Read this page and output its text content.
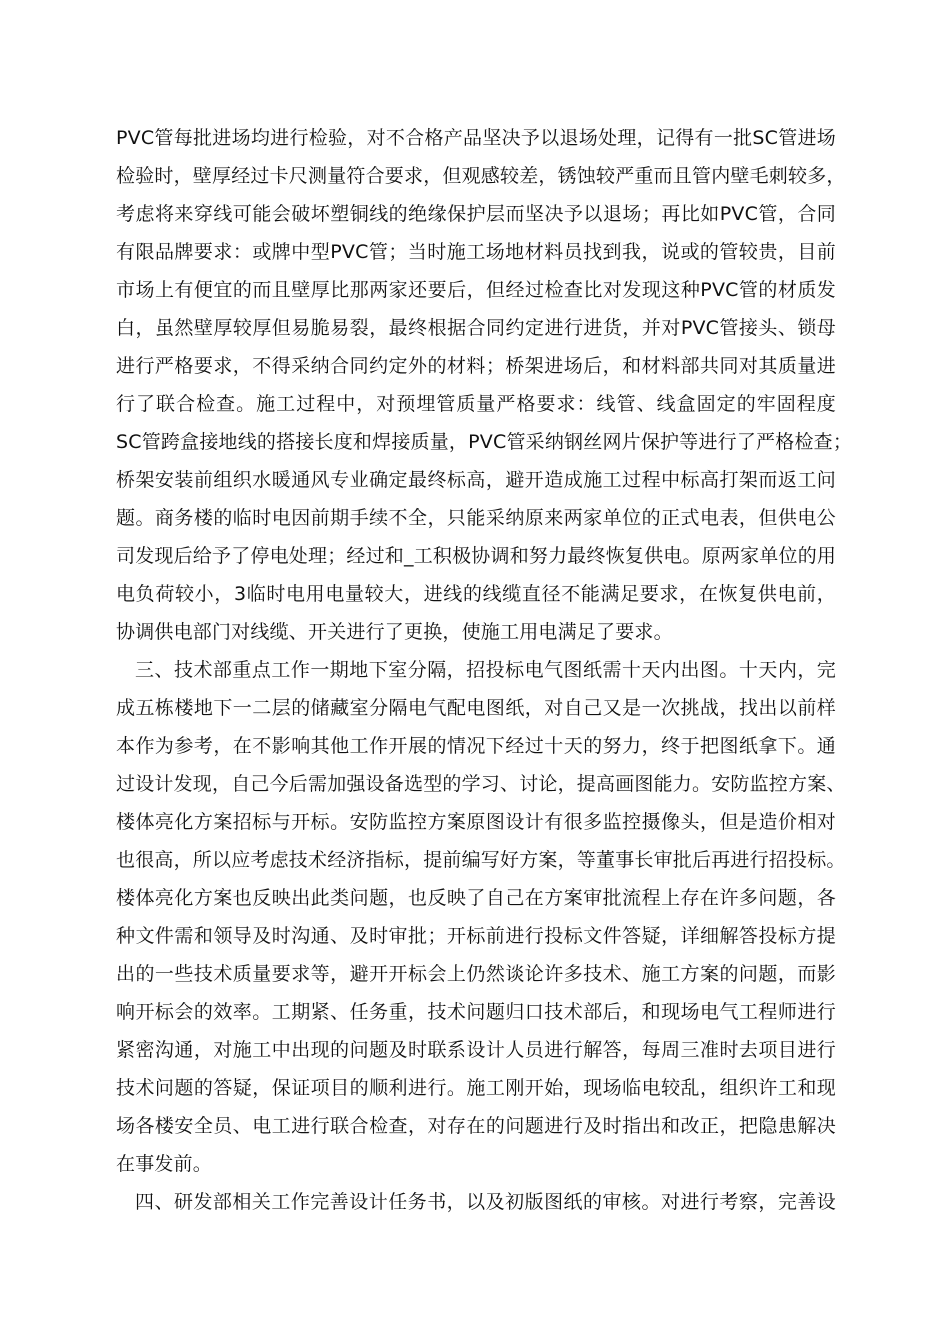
PVC管每批进场均进行检验，对不合格产品坚决予以退场处理，记得有一批SC管进场
检验时，壁厚经过卡尺测量符合要求，但观感较差，锈蚀较严重而且管内壁毛刺较多，
考虑将来穿线可能会破坏塑铜线的绝缘保护层而坚决予以退场；再比如PVC管，合同
有限品牌要求：或牌中型PVC管；当时施工场地材料员找到我，说或的管较贵，目前
市场上有便宜的而且壁厚比那两家还要后，但经过检查比对发现这种PVC管的材质发
白，虽然壁厚较厚但易脆易裂，最终根据合同约定进行进货，并对PVC管接头、锁母
进行严格要求，不得采纳合同约定外的材料；桥架进场后，和材料部共同对其质量进
行了联合检查。施工过程中，对预埋管质量严格要求：线管、线盒固定的牢固程度
SC管跨盒接地线的搭接长度和焊接质量，PVC管采纳钢丝网片保护等进行了严格检查；
桥架安装前组织水暖通风专业确定最终标高，避开造成施工过程中标高打架而返工问
题。商务楼的临时电因前期手续不全，只能采纳原来两家单位的正式电表，但供电公
司发现后给予了停电处理；经过和_工积极协调和努力最终恢复供电。原两家单位的用
电负荷较小，3临时电用电量较大，进线的线缆直径不能满足要求，在恢复供电前，
协调供电部门对线缆、开关进行了更换，使施工用电满足了要求。
三、技术部重点工作一期地下室分隔，招投标电气图纸需十天内出图。十天内，完
成五栋楼地下一二层的储藏室分隔电气配电图纸，对自己又是一次挑战，找出以前样
本作为参考，在不影响其他工作开展的情况下经过十天的努力，终于把图纸拿下。通
过设计发现，自己今后需加强设备选型的学习、讨论，提高画图能力。安防监控方案、
楼体亮化方案招标与开标。安防监控方案原图设计有很多监控摄像头，但是造价相对
也很高，所以应考虑技术经济指标，提前编写好方案，等董事长审批后再进行招投标。
楼体亮化方案也反映出此类问题，也反映了自己在方案审批流程上存在许多问题，各
种文件需和领导及时沟通、及时审批；开标前进行投标文件答疑，详细解答投标方提
出的一些技术质量要求等，避开开标会上仍然谈论许多技术、施工方案的问题，而影
响开标会的效率。工期紧、任务重，技术问题归口技术部后，和现场电气工程师进行
紧密沟通，对施工中出现的问题及时联系设计人员进行解答，每周三准时去项目进行
技术问题的答疑，保证项目的顺利进行。施工刚开始，现场临电较乱，组织许工和现
场各楼安全员、电工进行联合检查，对存在的问题进行及时指出和改正，把隐患解决
在事发前。
四、研发部相关工作完善设计任务书，以及初版图纸的审核。对进行考察，完善设
